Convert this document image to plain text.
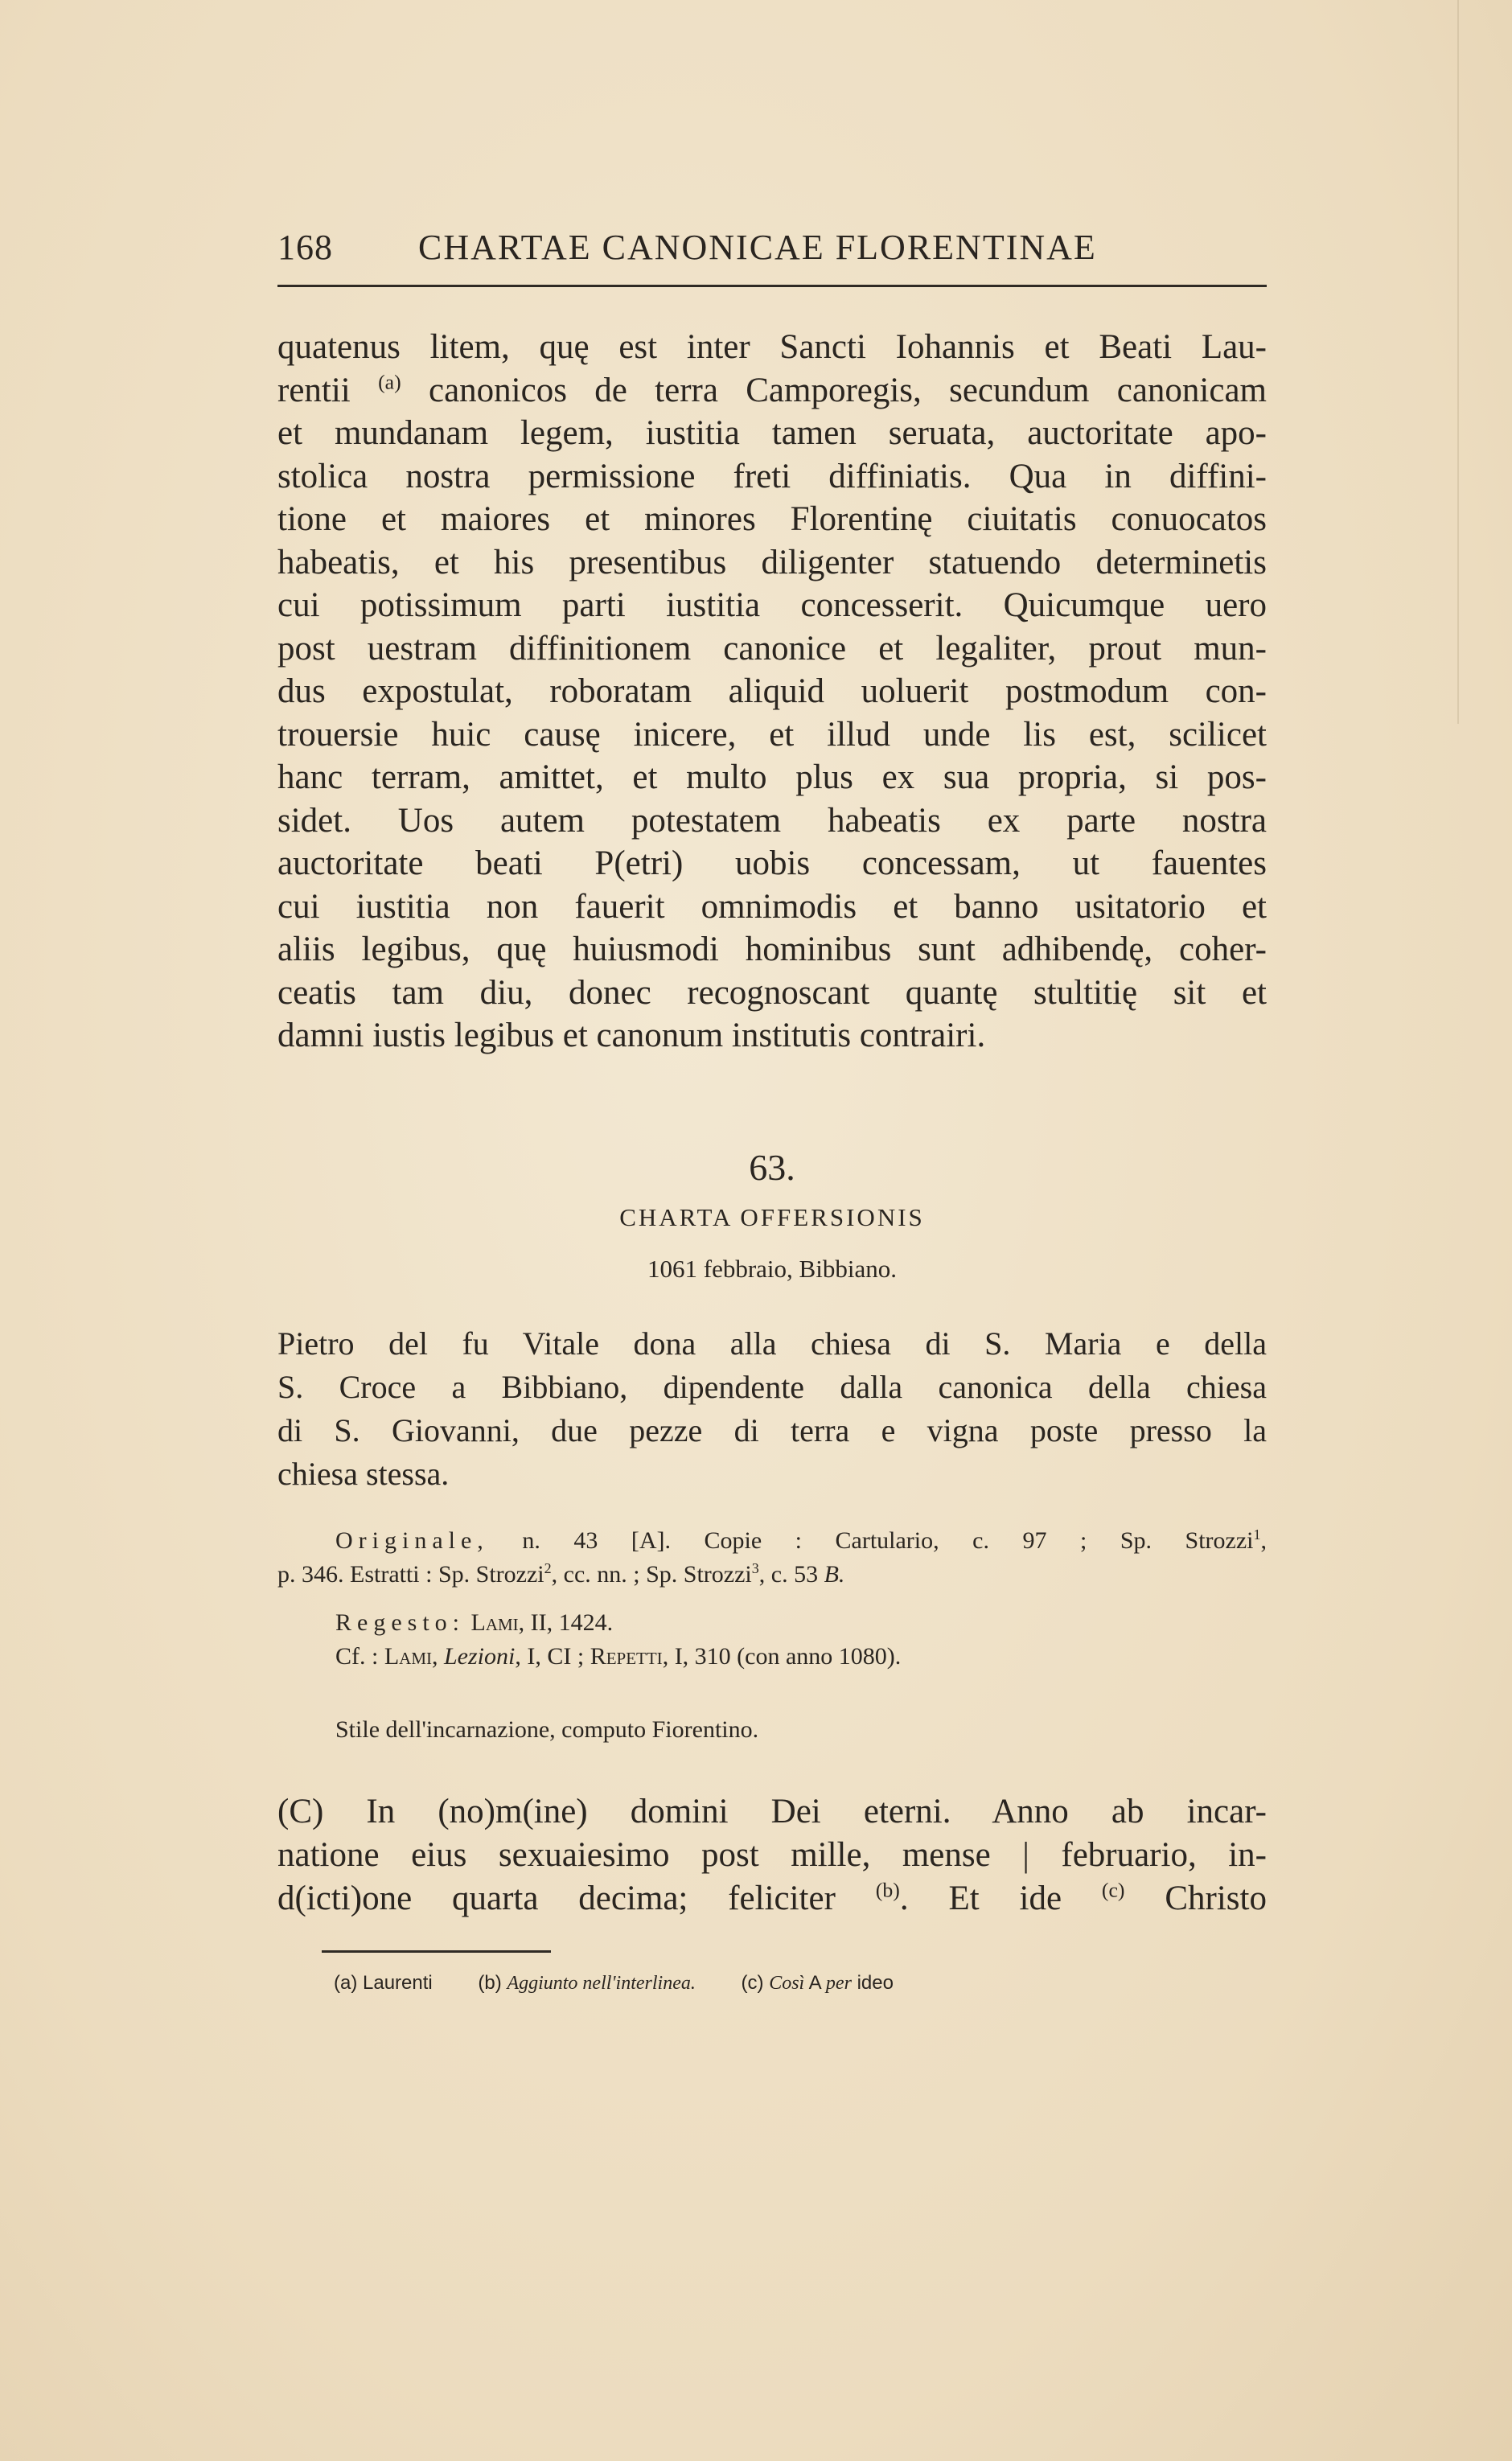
168 CHARTAE CANONICAE FLORENTINAE
quatenus litem, quę est inter Sancti Iohannis et Beati Lau-
rentii $^{(a)}$ canonicos de terra Camporegis, secundum canonicam
et mundanam legem, iustitia tamen seruata, auctoritate apo-
stolica nostra permissione freti diffiniatis. Qua in diffini-
tione et maiores et minores Florentinę ciuitatis conuocatos
habeatis, et his presentibus diligenter statuendo determinetis
cui potissimum parti iustitia concesserit. Quicumque uero
post uestram diffinitionem canonice et legaliter, prout mun-
dus expostulat, roboratam aliquid uoluerit postmodum con-
trouersie huic causę inicere, et illud unde lis est, scilicet
hanc terram, amittet, et multo plus ex sua propria, si pos-
sidet. Uos autem potestatem habeatis ex parte nostra
auctoritate beati P(etri) uobis concessam, ut fauentes
cui iustitia non fauerit omnimodis et banno usitatorio et
aliis legibus, quę huiusmodi hominibus sunt adhibendę, coher-
ceatis tam diu, donec recognoscant quantę stultitię sit et
damni iustis legibus et canonum institutis contrairi.
63.
CHARTA OFFERSIONIS
1061 febbraio, Bibbiano.
Pietro del fu Vitale dona alla chiesa di S. Maria e della
S. Croce a Bibbiano, dipendente dalla canonica della chiesa
di S. Giovanni, due pezze di terra e vigna poste presso la
chiesa stessa.
Originale, n. 43 [A]. Copie : Cartulario, c. 97 ; Sp. Strozzi$^1$,
p. 346. Estratti : Sp. Strozzi$^2$, cc. nn. ; Sp. Strozzi$^3$, c. 53 B.
Regesto: Lami, II, 1424.
Cf. : Lami, Lezioni, I, CI ; Repetti, I, 310 (con anno 1080).
Stile dell'incarnazione, computo Fiorentino.
(C) In (no)m(ine) domini Dei eterni. Anno ab incar-
natione eius sexuaiesimo post mille, mense | februario, in-
d(icti)one quarta decima; feliciter $^{(b)}$. Et ide $^{(c)}$ Christo
(a) Laurenti (b) Aggiunto nell'interlinea. (c) Così A per ideo
